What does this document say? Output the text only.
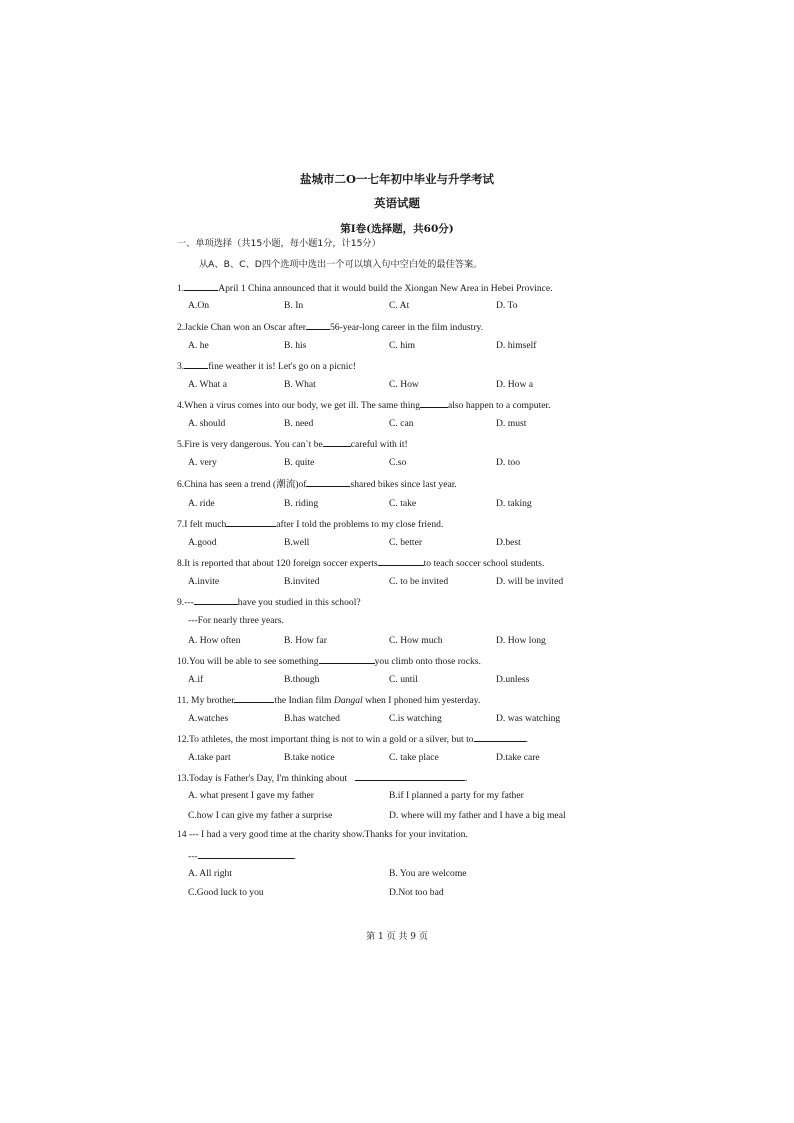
盐城市二O一七年初中毕业与升学考试
英语试题
第Ⅰ卷(选择题，共60分)
一、单项选择（共15小题，每小题1分，计15分）
从A、B、C、D四个选项中选出一个可以填入句中空白处的最佳答案。
1.	April 1 China announced that it would build the Xiongan New Area in Hebei Province.
A.On	B. In	C. At	D. To
2.Jackie Chan won an Oscar after	56-year-long career in the film industry.
A. he	B. his	C. him	D. himself
3.	fine weather it is! Let's go on a picnic!
A. What a	B. What	C. How	D. How a
4.When a virus comes into our body, we get ill. The same thing	also happen to a computer.
A. should	B. need	C. can	D. must
5.Fire is very dangerous. You can`t be	careful with it!
A. very	B. quite	C.so	D. too
6.China has seen a trend (潮流)of	shared bikes since last year.
A. ride	B. riding	C. take	D. taking
7.I felt much	after I told the problems to my close friend.
A.good	B.well	C. better	D.best
8.It is reported that about 120 foreign soccer experts	to teach soccer school students.
A.invite	B.invited	C. to be invited	D. will be invited
9.---	have you studied in this school?
---For nearly three years.
A. How often	B. How far	C. How much	D. How long
10.You will be able to see something	you climb onto those rocks.
A.if	B.though	C. until	D.unless
11. My brother	the Indian film Dangal when I phoned him yesterday.
A.watches	B.has watched	C.is watching	D. was watching
12.To athletes, the most important thing is not to win a gold or a silver, but to	.
A.take part	B.take notice	C. take place	D.take care
13.Today is Father's Day, I'm thinking about	.
A. what present I gave my father	B.if I planned a party for my father
C.how I can give my father a surprise	D. where will my father and I have a big meal
14 --- I had a very good time at the charity show.Thanks for your invitation.
---	.
A. All right	B. You are welcome
C.Good luck to you	D.Not too bad
第 1 页 共 9 页
